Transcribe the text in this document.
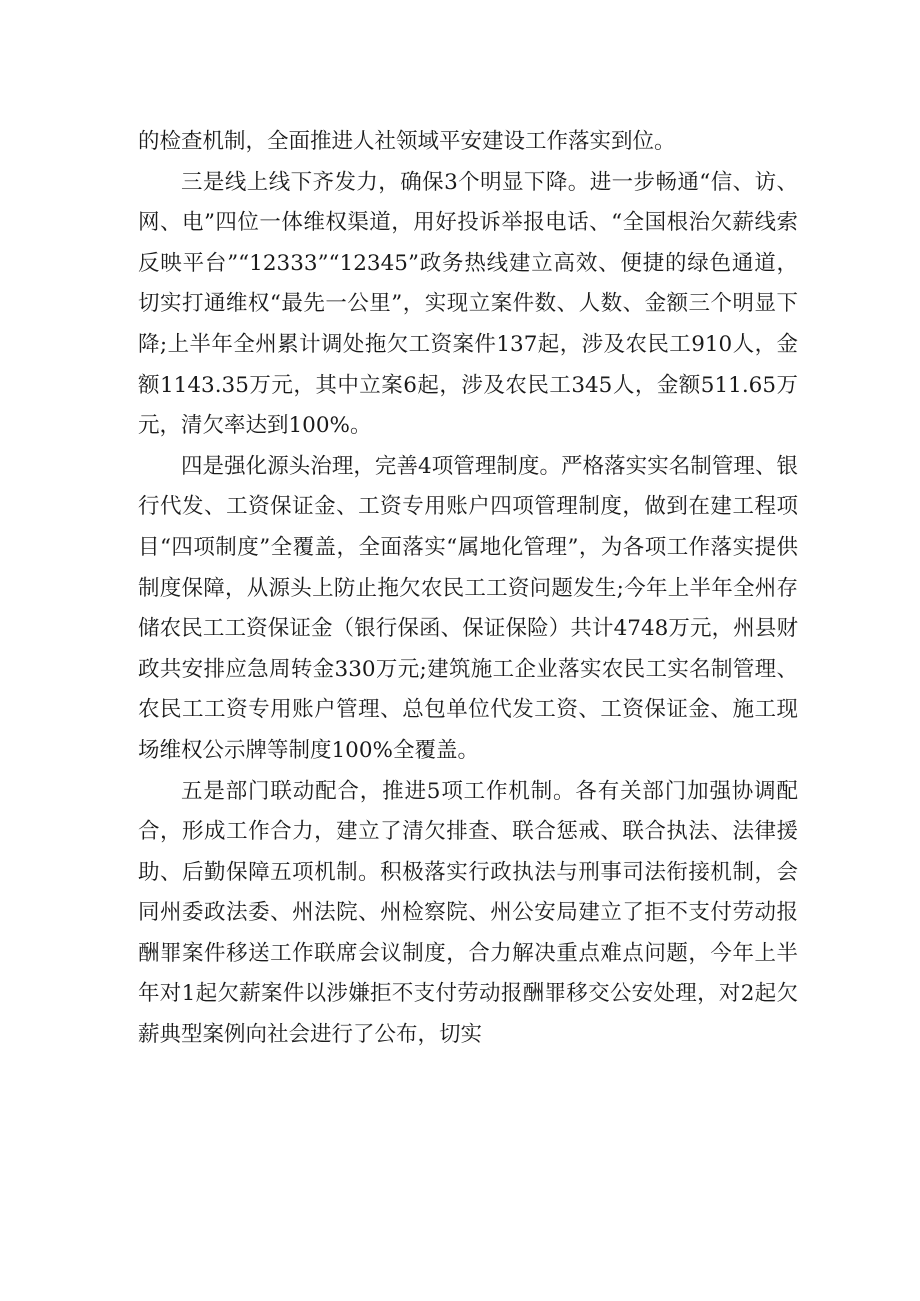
的检查机制，全面推进人社领域平安建设工作落实到位。

三是线上线下齐发力，确保3个明显下降。进一步畅通“信、访、网、电”四位一体维权渠道，用好投诉举报电话、“全国根治欠薪线索反映平台”“12333”“12345”政务热线建立高效、便捷的绿色通道，切实打通维权“最先一公里”，实现立案件数、人数、金额三个明显下降;上半年全州累计调处拖欠工资案件137起，涉及农民工910人，金额1143.35万元，其中立案6起，涉及农民工345人，金额511.65万元，清欠率达到100%。

四是强化源头治理，完善4项管理制度。严格落实实名制管理、银行代发、工资保证金、工资专用账户四项管理制度，做到在建工程项目“四项制度”全覆盖，全面落实“属地化管理”，为各项工作落实提供制度保障，从源头上防止拖欠农民工工资问题发生;今年上半年全州存储农民工工资保证金（银行保函、保证保险）共计4748万元，州县财政共安排应急周转金330万元;建筑施工企业落实农民工实名制管理、农民工工资专用账户管理、总包单位代发工资、工资保证金、施工现场维权公示牌等制度100%全覆盖。

五是部门联动配合，推进5项工作机制。各有关部门加强协调配合，形成工作合力，建立了清欠排查、联合惩戒、联合执法、法律援助、后勤保障五项机制。积极落实行政执法与刑事司法衔接机制，会同州委政法委、州法院、州检察院、州公安局建立了拒不支付劳动报酬罪案件移送工作联席会议制度，合力解决重点难点问题，今年上半年对1起欠薪案件以涉嫌拒不支付劳动报酬罪移交公安处理，对2起欠薪典型案例向社会进行了公布，切实
